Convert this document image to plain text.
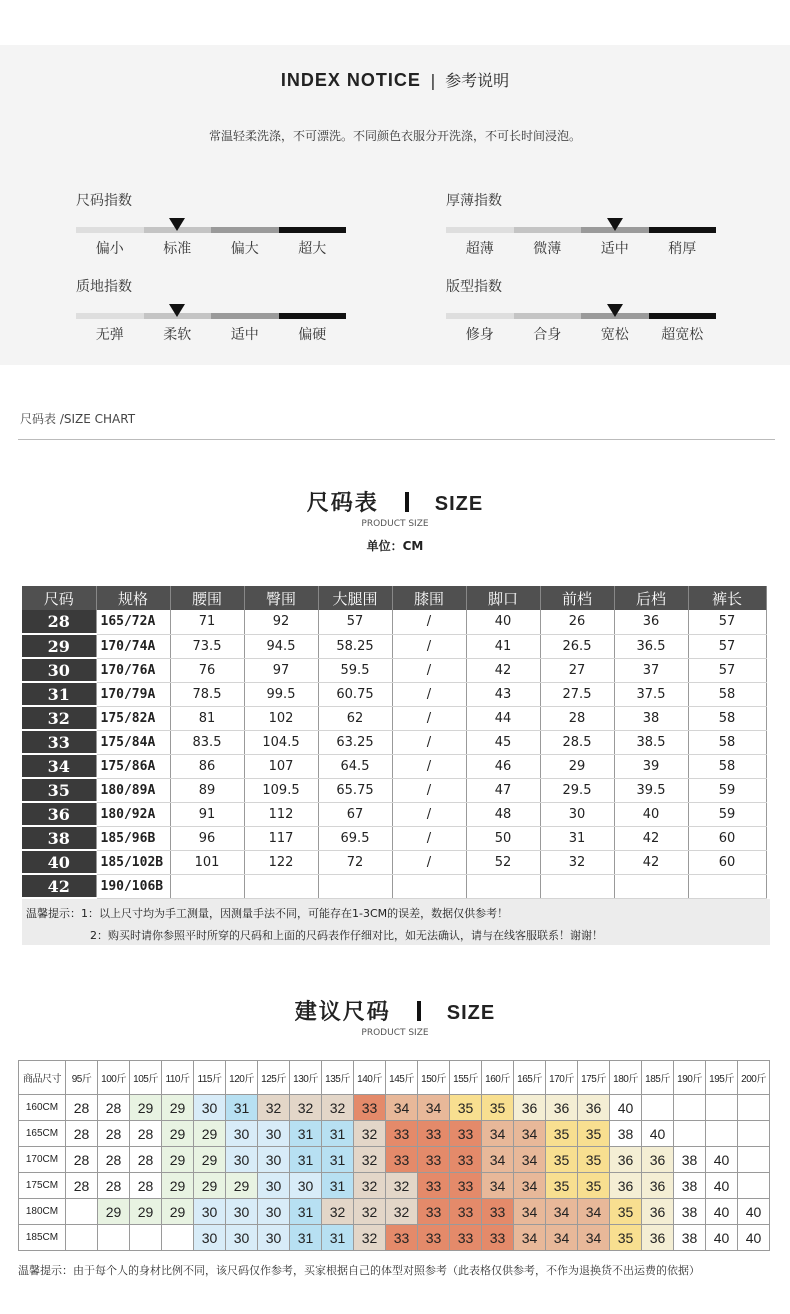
INDEX NOTICE | 参考说明
常温轻柔洗涤，不可漂洗。不同颜色衣服分开洗涤，不可长时间浸泡。
尺码指数
偏小	标准	偏大	超大
厚薄指数
超薄	微薄	适中	稍厚
质地指数
无弹	柔软	适中	偏硬
版型指数
修身	合身	宽松	超宽松
尺码表 /SIZE CHART
尺码表	SIZE
PRODUCT SIZE
单位：CM
尺码	规格	腰围	臀围	大腿围	膝围	脚口	前档	后档	裤长
28	165/72A	71	92	57	/	40	26	36	57
29	170/74A	73.5	94.5	58.25	/	41	26.5	36.5	57
30	170/76A	76	97	59.5	/	42	27	37	57
31	170/79A	78.5	99.5	60.75	/	43	27.5	37.5	58
32	175/82A	81	102	62	/	44	28	38	58
33	175/84A	83.5	104.5	63.25	/	45	28.5	38.5	58
34	175/86A	86	107	64.5	/	46	29	39	58
35	180/89A	89	109.5	65.75	/	47	29.5	39.5	59
36	180/92A	91	112	67	/	48	30	40	59
38	185/96B	96	117	69.5	/	50	31	42	60
40	185/102B	101	122	72	/	52	32	42	60
42	190/106B								
温馨提示：1：以上尺寸均为手工测量，因测量手法不同，可能存在1-3CM的误差，数据仅供参考！
2：购买时请你参照平时所穿的尺码和上面的尺码表作仔细对比，如无法确认，请与在线客服联系！谢谢！
建议尺码	SIZE
PRODUCT SIZE
商品尺寸	95斤	100斤	105斤	110斤	115斤	120斤	125斤	130斤	135斤	140斤	145斤	150斤	155斤	160斤	165斤	170斤	175斤	180斤	185斤	190斤	195斤	200斤
160CM	28	28	29	29	30	31	32	32	32	33	34	34	35	35	36	36	36	40				
165CM	28	28	28	29	29	30	30	31	31	32	33	33	33	34	34	35	35	38	40			
170CM	28	28	28	29	29	30	30	31	31	32	33	33	33	34	34	35	35	36	36	38	40	
175CM	28	28	28	29	29	29	30	30	31	32	32	33	33	34	34	35	35	36	36	38	40	
180CM		29	29	29	30	30	30	31	32	32	32	33	33	33	34	34	34	35	36	38	40	40
185CM					30	30	30	31	31	32	33	33	33	33	34	34	34	35	36	38	40	40
温馨提示：由于每个人的身材比例不同，该尺码仅作参考，买家根据自己的体型对照参考（此表格仅供参考，不作为退换货不出运费的依据）
